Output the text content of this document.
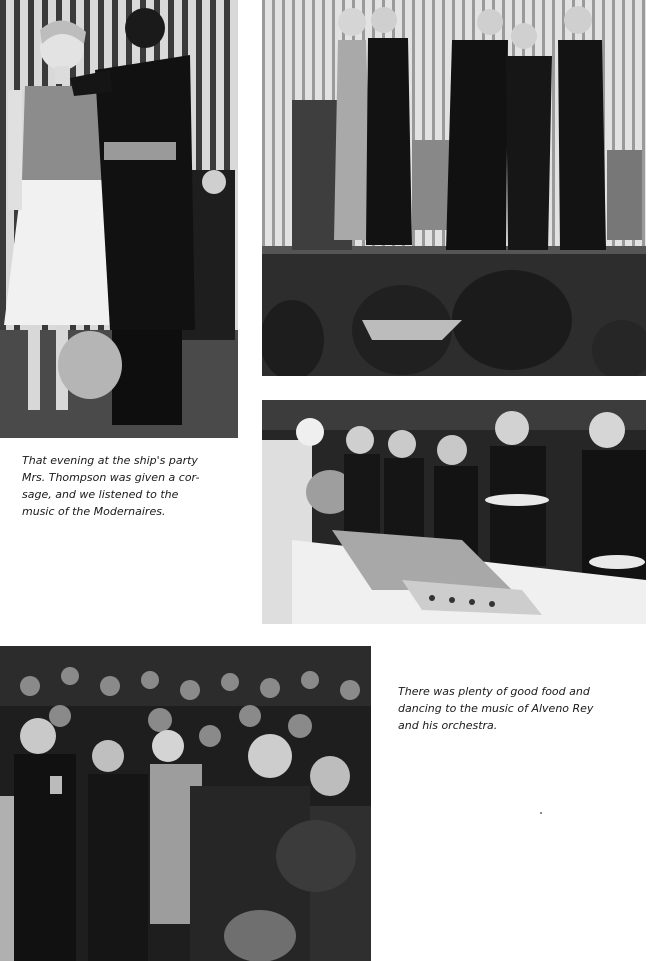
That evening at the ship's party
Mrs. Thompson was given a cor-
sage, and we listened to the
music of the Modernaires.

There was plenty of good food and
dancing to the music of Alveno Rey
and his orchestra.
